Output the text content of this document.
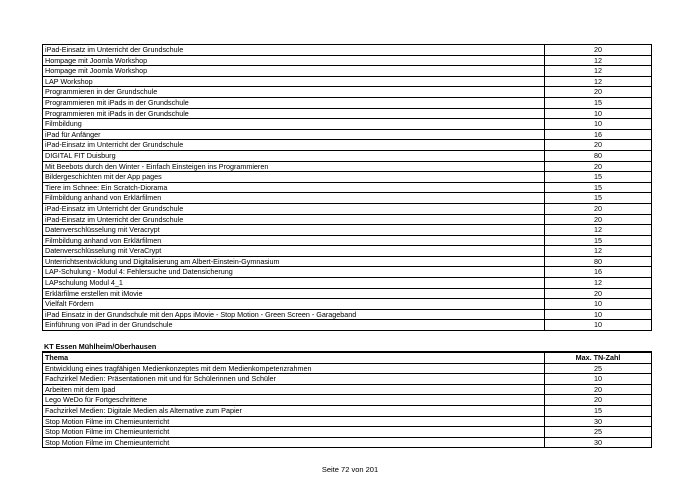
iPad-Einsatz im Unterricht der Grundschule	20
Hompage mit Joomla Workshop	12
Hompage mit Joomla Workshop	12
LAP Workshop	12
Programmieren in der Grundschule	20
Programmieren mit iPads in der Grundschule	15
Programmieren mit iPads in der Grundschule	10
Filmbildung	10
iPad für Anfänger	16
iPad-Einsatz im Unterricht der Grundschule	20
DIGITAL FIT Duisburg	80
Mit Beebots durch den Winter - Einfach Einsteigen ins Programmieren	20
Bildergeschichten mit der App pages	15
Tiere im Schnee: Ein Scratch-Diorama	15
Filmbildung anhand von Erklärfilmen	15
iPad-Einsatz im Unterricht der Grundschule	20
iPad-Einsatz im Unterricht der Grundschule	20
Datenverschlüsselung mit Veracrypt	12
Filmbildung anhand von Erklärfilmen	15
Datenverschlüsselung mit VeraCrypt	12
Unterrichtsentwicklung und Digitalisierung am Albert-Einstein-Gymnasium	80
LAP-Schulung - Modul 4: Fehlersuche und Datensicherung	16
LAPschulung Modul 4_1	12
Erklärfilme erstellen mit iMovie	20
Vielfalt Fördern	10
iPad Einsatz in der Grundschule mit den Apps iMovie - Stop Motion - Green Screen - Garageband	10
Einführung von iPad in der Grundschule	10
KT Essen Mühlheim/Oberhausen
Thema	Max. TN-Zahl
Entwicklung eines tragfähigen Medienkonzeptes mit dem Medienkompetenzrahmen	25
Fachzirkel Medien: Präsentationen mit und für Schülerinnen und Schüler	10
Arbeiten mit dem Ipad	20
Lego WeDo für Fortgeschrittene	20
Fachzirkel Medien: Digitale Medien als Alternative zum Papier	15
Stop Motion Filme im Chemieunterricht	30
Stop Motion Filme im Chemieunterricht	25
Stop Motion Filme im Chemieunterricht	30
Seite 72 von 201
